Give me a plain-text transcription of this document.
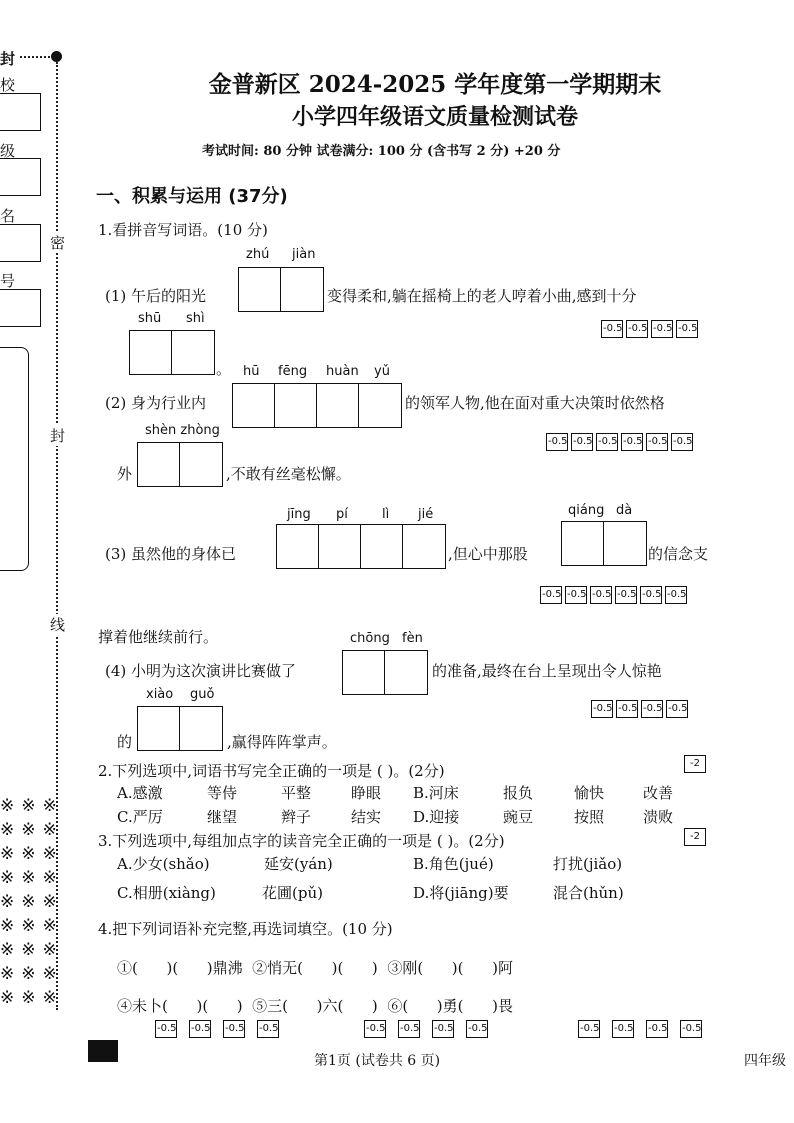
封
校
级
名
号
密
封
线
※※※
※※※
※※※
※※※
※※※
※※※
※※※
※※※
※※※
金普新区 2024-2025 学年度第一学期期末
小学四年级语文质量检测试卷
考试时间: 80 分钟 试卷满分: 100 分 (含书写 2 分) +20 分
一、积累与运用 (37分)
1.看拼音写词语。(10 分)
zhú jiàn
(1) 午后的阳光	变得柔和,躺在摇椅上的老人哼着小曲,感到十分
shū shì
。
-0.5 -0.5 -0.5 -0.5
hū fēng huàn yǔ
(2) 身为行业内	的领军人物,他在面对重大决策时依然格
-0.5 -0.5 -0.5 -0.5 -0.5 -0.5
shèn zhòng
外	,不敢有丝毫松懈。
jīng pí	lì jié	qiáng dà
(3) 虽然他的身体已	,但心中那股	的信念支
-0.5 -0.5 -0.5 -0.5 -0.5 -0.5
撑着他继续前行。	chōng fèn
(4) 小明为这次演讲比赛做了	的准备,最终在台上呈现出令人惊艳
xiào guǒ
-0.5 -0.5 -0.5 -0.5
的	,赢得阵阵掌声。
2.下列选项中,词语书写完全正确的一项是 ( )。(2分)	-2
A.感激	等侍	平整	睁眼 B.河床	报负	愉快	改善
C.严厉	继望	辫子	结实 D.迎接	豌豆	按照	溃败
3.下列选项中,每组加点字的读音完全正确的一项是 ( )。(2分)	-2
A.少女(shǎo)	延安(yán)	B.角色(jué)	打扰(jiǎo)
C.相册(xiàng)	花圃(pǔ)	D.将(jiāng)要	混合(hǔn)
4.把下列词语补充完整,再选词填空。(10 分)
①(      )(      )鼎沸  ②悄无(      )(      )  ③刚(      )(      )阿
④未卜(      )(      )  ⑤三(      )六(      )  ⑥(      )勇(      )畏
-0.5 -0.5 -0.5 -0.5	-0.5 -0.5 -0.5 -0.5	-0.5 -0.5 -0.5 -0.5
第1页 (试卷共 6 页)	四年级
